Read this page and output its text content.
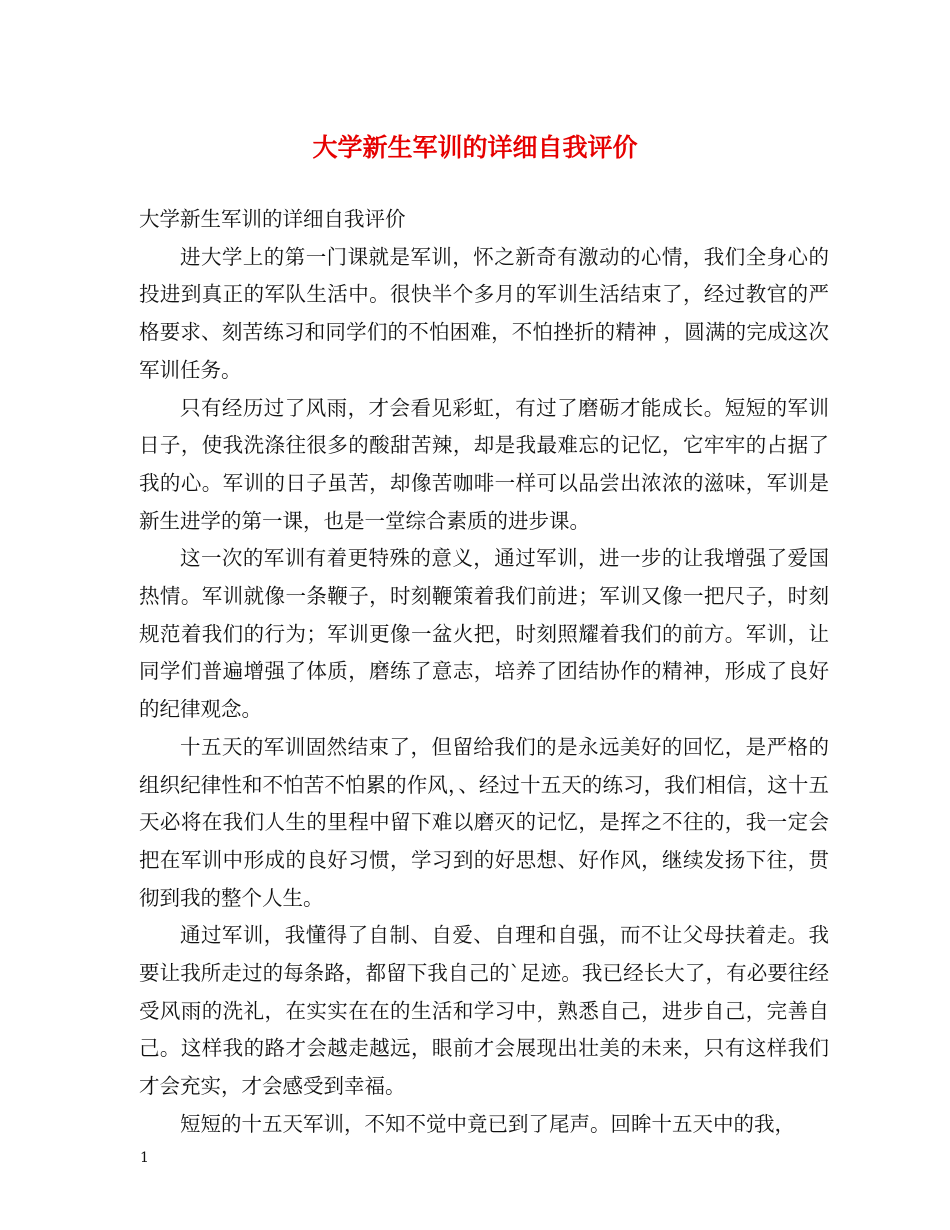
大学新生军训的详细自我评价

大学新生军训的详细自我评价

进大学上的第一门课就是军训，怀之新奇有激动的心情，我们全身心的投进到真正的军队生活中。很快半个多月的军训生活结束了，经过教官的严格要求、刻苦练习和同学们的不怕困难，不怕挫折的精神 ，圆满的完成这次军训任务。

只有经历过了风雨，才会看见彩虹，有过了磨砺才能成长。短短的军训日子，使我洗涤往很多的酸甜苦辣，却是我最难忘的记忆，它牢牢的占据了我的心。军训的日子虽苦，却像苦咖啡一样可以品尝出浓浓的滋味，军训是新生进学的第一课，也是一堂综合素质的进步课。

这一次的军训有着更特殊的意义，通过军训，进一步的让我增强了爱国热情。军训就像一条鞭子，时刻鞭策着我们前进；军训又像一把尺子，时刻规范着我们的行为；军训更像一盆火把，时刻照耀着我们的前方。军训，让同学们普遍增强了体质，磨练了意志，培养了团结协作的精神，形成了良好的纪律观念。

十五天的军训固然结束了，但留给我们的是永远美好的回忆，是严格的组织纪律性和不怕苦不怕累的作风，、经过十五天的练习，我们相信，这十五天必将在我们人生的里程中留下难以磨灭的记忆，是挥之不往的，我一定会把在军训中形成的良好习惯，学习到的好思想、好作风，继续发扬下往，贯彻到我的整个人生。

通过军训，我懂得了自制、自爱、自理和自强，而不让父母扶着走。我要让我所走过的每条路，都留下我自己的`足迹。我已经长大了，有必要往经受风雨的洗礼，在实实在在的生活和学习中，熟悉自己，进步自己，完善自己。这样我的路才会越走越远，眼前才会展现出壮美的未来，只有这样我们才会充实，才会感受到幸福。

短短的十五天军训，不知不觉中竟已到了尾声。回眸十五天中的我，

1
